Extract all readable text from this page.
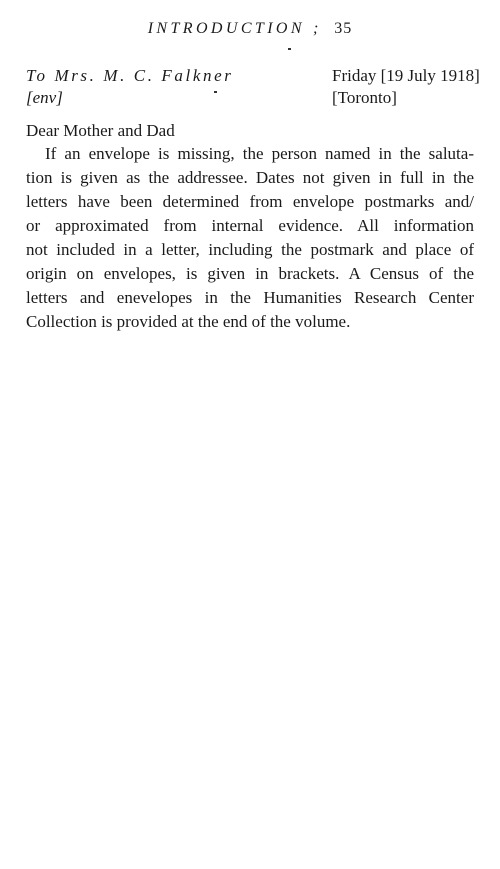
INTRODUCTION ; 35
To Mrs. M. C. Falkner	Friday [19 July 1918]
[env]	[Toronto]
Dear Mother and Dad
If an envelope is missing, the person named in the saluta-
tion is given as the addressee. Dates not given in full in the
letters have been determined from envelope postmarks and/
or approximated from internal evidence. All information
not included in a letter, including the postmark and place of
origin on envelopes, is given in brackets. A Census of the
letters and enevelopes in the Humanities Research Center
Collection is provided at the end of the volume.
